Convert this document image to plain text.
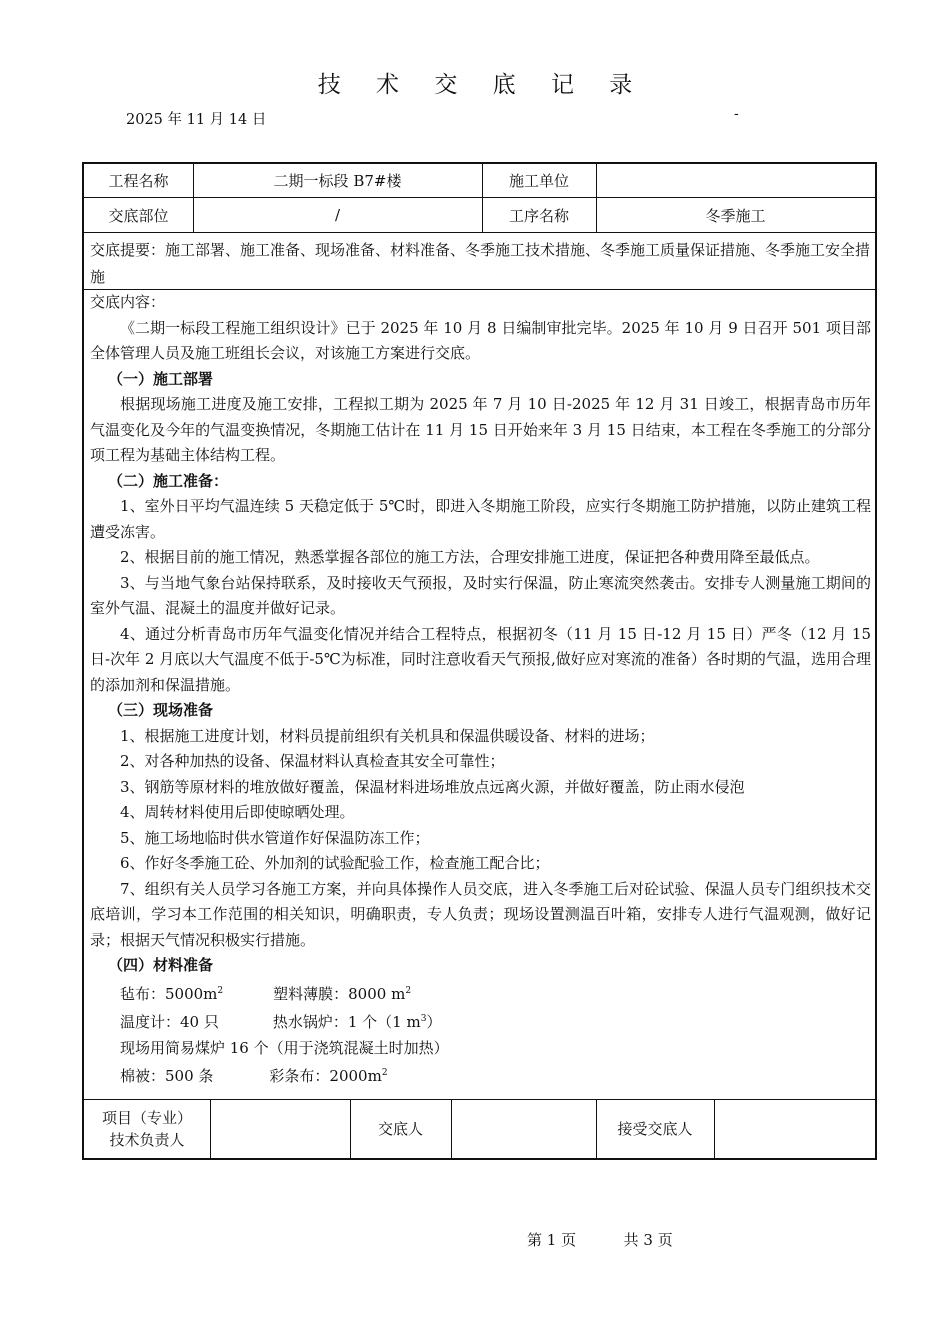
技 术 交 底 记 录
2025 年 11 月 14 日	-
工程名称	二期一标段 B7#楼	施工单位
交底部位	/	工序名称	冬季施工
交底提要：施工部署、施工准备、现场准备、材料准备、冬季施工技术措施、冬季施工质量保证措施、冬季施工安全措施

交底内容：

《二期一标段工程施工组织设计》已于 2025 年 10 月 8 日编制审批完毕。2025 年 10 月 9 日召开 501 项目部全体管理人员及施工班组长会议，对该施工方案进行交底。

（一）施工部署

根据现场施工进度及施工安排，工程拟工期为 2025 年 7 月 10 日-2025 年 12 月 31 日竣工，根据青岛市历年气温变化及今年的气温变换情况，冬期施工估计在 11 月 15 日开始来年 3 月 15 日结束，本工程在冬季施工的分部分项工程为基础主体结构工程。

（二）施工准备：

1、室外日平均气温连续 5 天稳定低于 5℃时，即进入冬期施工阶段，应实行冬期施工防护措施，以防止建筑工程遭受冻害。

2、根据目前的施工情况，熟悉掌握各部位的施工方法，合理安排施工进度，保证把各种费用降至最低点。

3、与当地气象台站保持联系，及时接收天气预报，及时实行保温，防止寒流突然袭击。安排专人测量施工期间的室外气温、混凝土的温度并做好记录。

4、通过分析青岛市历年气温变化情况并结合工程特点，根据初冬（11 月 15 日-12 月 15 日）严冬（12 月 15 日-次年 2 月底以大气温度不低于-5℃为标准，同时注意收看天气预报,做好应对寒流的准备）各时期的气温，选用合理的添加剂和保温措施。

（三）现场准备

1、根据施工进度计划，材料员提前组织有关机具和保温供暖设备、材料的进场；

2、对各种加热的设备、保温材料认真检查其安全可靠性；

3、钢筋等原材料的堆放做好覆盖，保温材料进场堆放点远离火源，并做好覆盖，防止雨水侵泡

4、周转材料使用后即使晾晒处理。

5、施工场地临时供水管道作好保温防冻工作；

6、作好冬季施工砼、外加剂的试验配验工作，检查施工配合比；

7、组织有关人员学习各施工方案，并向具体操作人员交底，进入冬季施工后对砼试验、保温人员专门组织技术交底培训，学习本工作范围的相关知识，明确职责，专人负责；现场设置测温百叶箱，安排专人进行气温观测，做好记录；根据天气情况积极实行措施。

（四）材料准备

毡布：$5000m^2$	塑料薄膜：8000 $m^2$

温度计：40 只	热水锅炉：1 个（1 $m^3$）

现场用简易煤炉 16 个（用于浇筑混凝土时加热）

棉被：500 条	彩条布：$2000m^2$

项目（专业）
技术负责人
交底人	接受交底人
第 1 页	共 3 页
